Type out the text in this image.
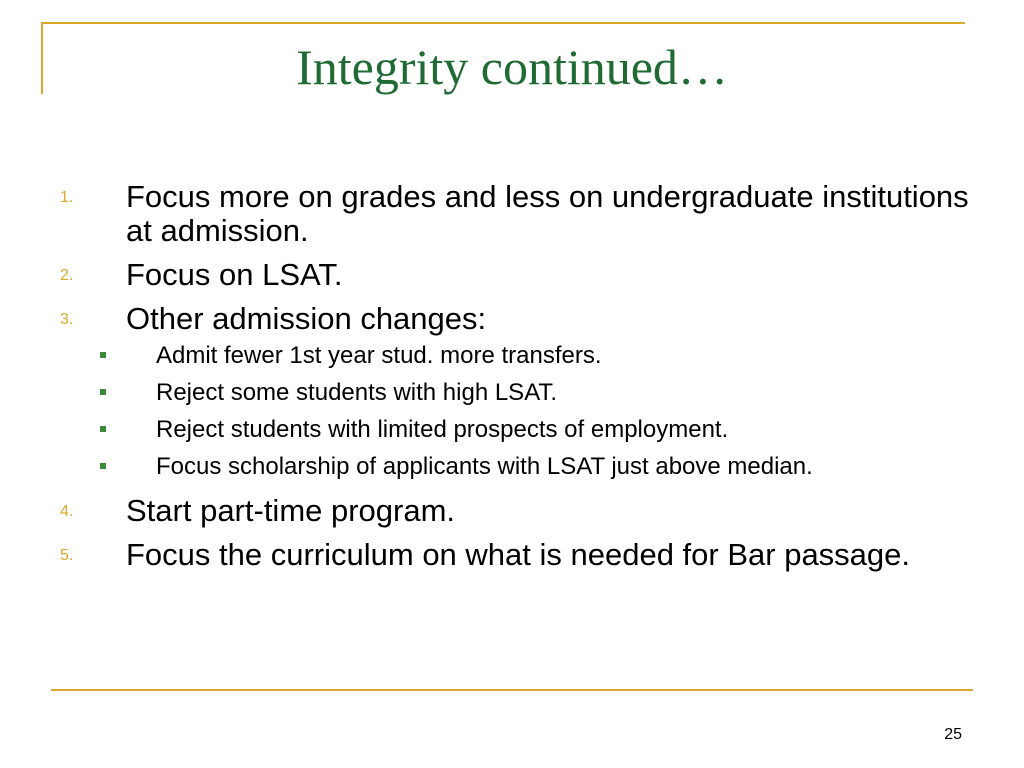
Integrity continued…
1. Focus more on grades and less on undergraduate institutions at admission.
2. Focus on LSAT.
3. Other admission changes:
Admit fewer 1st year stud. more transfers.
Reject some students with high LSAT.
Reject students with limited prospects of employment.
Focus scholarship of applicants with LSAT just above median.
4. Start part-time program.
5. Focus the curriculum on what is needed for Bar passage.
25
